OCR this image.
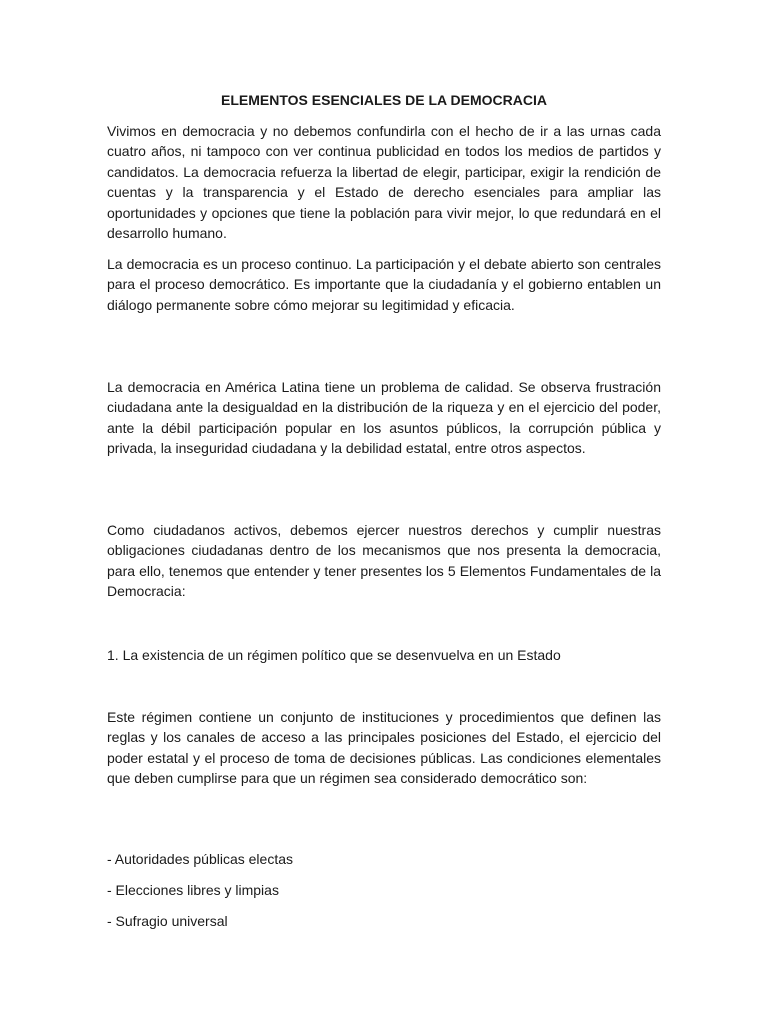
ELEMENTOS ESENCIALES DE LA DEMOCRACIA

Vivimos en democracia y no debemos confundirla con el hecho de ir a las urnas cada cuatro años, ni tampoco con ver continua publicidad en todos los medios de partidos y candidatos. La democracia refuerza la libertad de elegir, participar, exigir la rendición de cuentas y la transparencia y el Estado de derecho esenciales para ampliar las oportunidades y opciones que tiene la población para vivir mejor, lo que redundará en el desarrollo humano.

La democracia es un proceso continuo. La participación y el debate abierto son centrales para el proceso democrático. Es importante que la ciudadanía y el gobierno entablen un diálogo permanente sobre cómo mejorar su legitimidad y eficacia.

La democracia en América Latina tiene un problema de calidad. Se observa frustración ciudadana ante la desigualdad en la distribución de la riqueza y en el ejercicio del poder, ante la débil participación popular en los asuntos públicos, la corrupción pública y privada, la inseguridad ciudadana y la debilidad estatal, entre otros aspectos.

Como ciudadanos activos, debemos ejercer nuestros derechos y cumplir nuestras obligaciones ciudadanas dentro de los mecanismos que nos presenta la democracia, para ello, tenemos que entender y tener presentes los 5 Elementos Fundamentales de la Democracia:

1. La existencia de un régimen político que se desenvuelva en un Estado

Este régimen contiene un conjunto de instituciones y procedimientos que definen las reglas y los canales de acceso a las principales posiciones del Estado, el ejercicio del poder estatal y el proceso de toma de decisiones públicas. Las condiciones elementales que deben cumplirse para que un régimen sea considerado democrático son:

- Autoridades públicas electas

- Elecciones libres y limpias

- Sufragio universal
